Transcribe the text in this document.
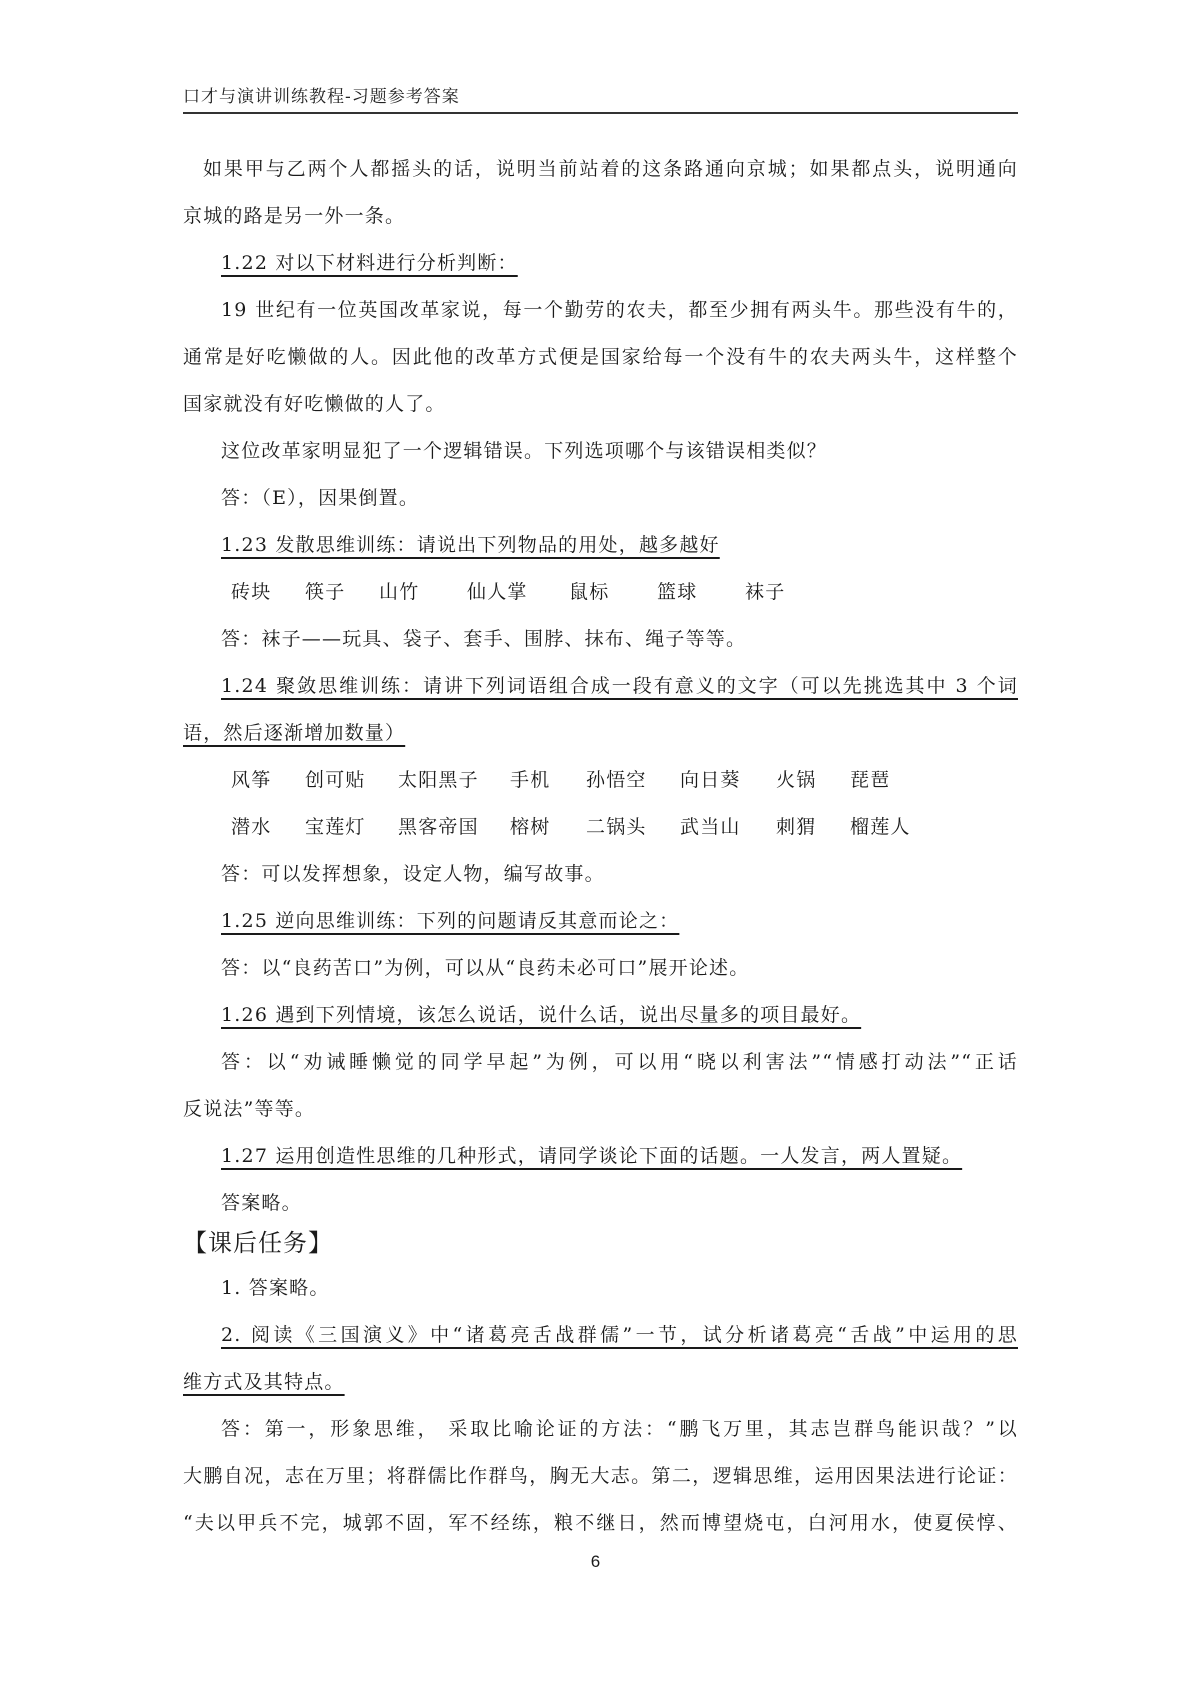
口才与演讲训练教程-习题参考答案
如果甲与乙两个人都摇头的话，说明当前站着的这条路通向京城；如果都点头，说明通向
京城的路是另一外一条。
1.22 对以下材料进行分析判断：
19 世纪有一位英国改革家说，每一个勤劳的农夫，都至少拥有两头牛。那些没有牛的，
通常是好吃懒做的人。因此他的改革方式便是国家给每一个没有牛的农夫两头牛，这样整个
国家就没有好吃懒做的人了。
这位改革家明显犯了一个逻辑错误。下列选项哪个与该错误相类似？
答：（E），因果倒置。
1.23 发散思维训练：请说出下列物品的用处，越多越好
砖块	筷子	山竹	仙人掌	鼠标	篮球	袜子
答：袜子——玩具、袋子、套手、围脖、抹布、绳子等等。
1.24 聚敛思维训练：请讲下列词语组合成一段有意义的文字（可以先挑选其中 3 个词
语，然后逐渐增加数量）
风筝	创可贴	太阳黑子	手机	孙悟空	向日葵	火锅	琵琶
潜水	宝莲灯	黑客帝国	榕树	二锅头	武当山	刺猬	榴莲人
答：可以发挥想象，设定人物，编写故事。
1.25 逆向思维训练：下列的问题请反其意而论之：
答：以“良药苦口”为例，可以从“良药未必可口”展开论述。
1.26 遇到下列情境，该怎么说话，说什么话，说出尽量多的项目最好。
答：以“劝诫睡懒觉的同学早起”为例，可以用“晓以利害法”“情感打动法”“正话
反说法”等等。
1.27 运用创造性思维的几种形式，请同学谈论下面的话题。一人发言，两人置疑。
答案略。
【课后任务】
1. 答案略。
2. 阅读《三国演义》中“诸葛亮舌战群儒”一节，试分析诸葛亮“舌战”中运用的思
维方式及其特点。
答：第一，形象思维， 采取比喻论证的方法：“鹏飞万里，其志岂群鸟能识哉？”以
大鹏自况，志在万里；将群儒比作群鸟，胸无大志。第二，逻辑思维，运用因果法进行论证：
“夫以甲兵不完，城郭不固，军不经练，粮不继日，然而博望烧屯，白河用水，使夏侯惇、
6
